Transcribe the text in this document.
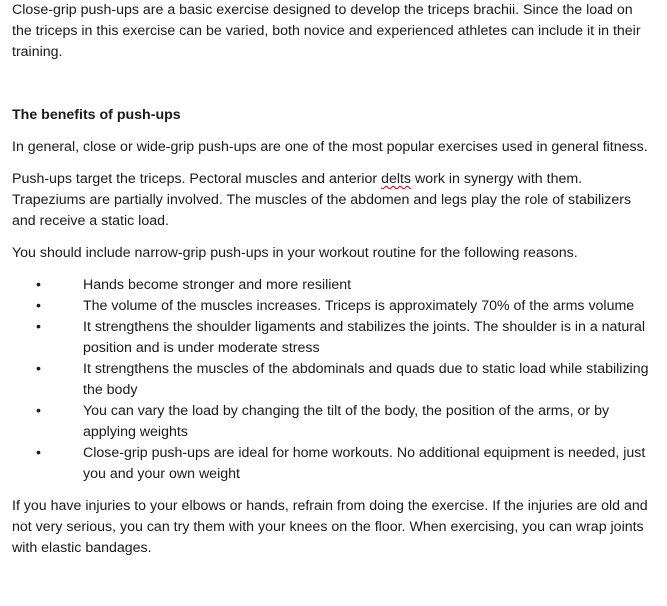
Close-grip push-ups are a basic exercise designed to develop the triceps brachii. Since the load on the triceps in this exercise can be varied, both novice and experienced athletes can include it in their training.

The benefits of push-ups

In general, close or wide-grip push-ups are one of the most popular exercises used in general fitness.

Push-ups target the triceps. Pectoral muscles and anterior delts work in synergy with them. Trapeziums are partially involved. The muscles of the abdomen and legs play the role of stabilizers and receive a static load.

You should include narrow-grip push-ups in your workout routine for the following reasons.

•	Hands become stronger and more resilient
•	The volume of the muscles increases. Triceps is approximately 70% of the arms volume
•	It strengthens the shoulder ligaments and stabilizes the joints. The shoulder is in a natural position and is under moderate stress
•	It strengthens the muscles of the abdominals and quads due to static load while stabilizing the body
•	You can vary the load by changing the tilt of the body, the position of the arms, or by applying weights
•	Close-grip push-ups are ideal for home workouts. No additional equipment is needed, just you and your own weight

If you have injuries to your elbows or hands, refrain from doing the exercise. If the injuries are old and not very serious, you can try them with your knees on the floor. When exercising, you can wrap joints with elastic bandages.
